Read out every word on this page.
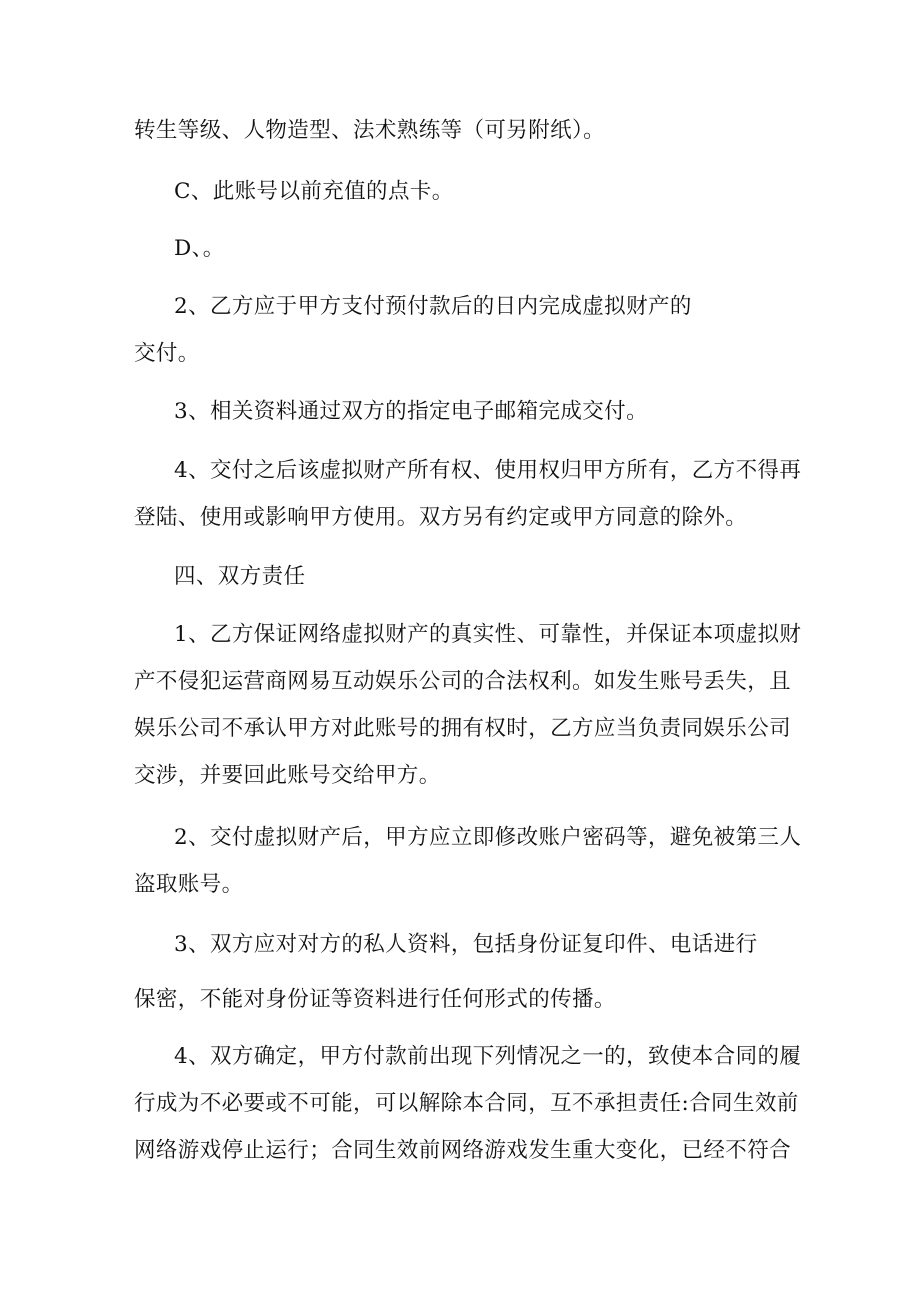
转生等级、人物造型、法术熟练等（可另附纸）。
C、此账号以前充值的点卡。
D、。
2、乙方应于甲方支付预付款后的日内完成虚拟财产的
交付。
3、相关资料通过双方的指定电子邮箱完成交付。
4、交付之后该虚拟财产所有权、使用权归甲方所有，乙方不得再
登陆、使用或影响甲方使用。双方另有约定或甲方同意的除外。
四、双方责任
1、乙方保证网络虚拟财产的真实性、可靠性，并保证本项虚拟财
产不侵犯运营商网易互动娱乐公司的合法权利。如发生账号丢失，且
娱乐公司不承认甲方对此账号的拥有权时，乙方应当负责同娱乐公司
交涉，并要回此账号交给甲方。
2、交付虚拟财产后，甲方应立即修改账户密码等，避免被第三人
盗取账号。
3、双方应对对方的私人资料，包括身份证复印件、电话进行
保密，不能对身份证等资料进行任何形式的传播。
4、双方确定，甲方付款前出现下列情况之一的，致使本合同的履
行成为不必要或不可能，可以解除本合同，互不承担责任:合同生效前
网络游戏停止运行；合同生效前网络游戏发生重大变化，已经不符合
